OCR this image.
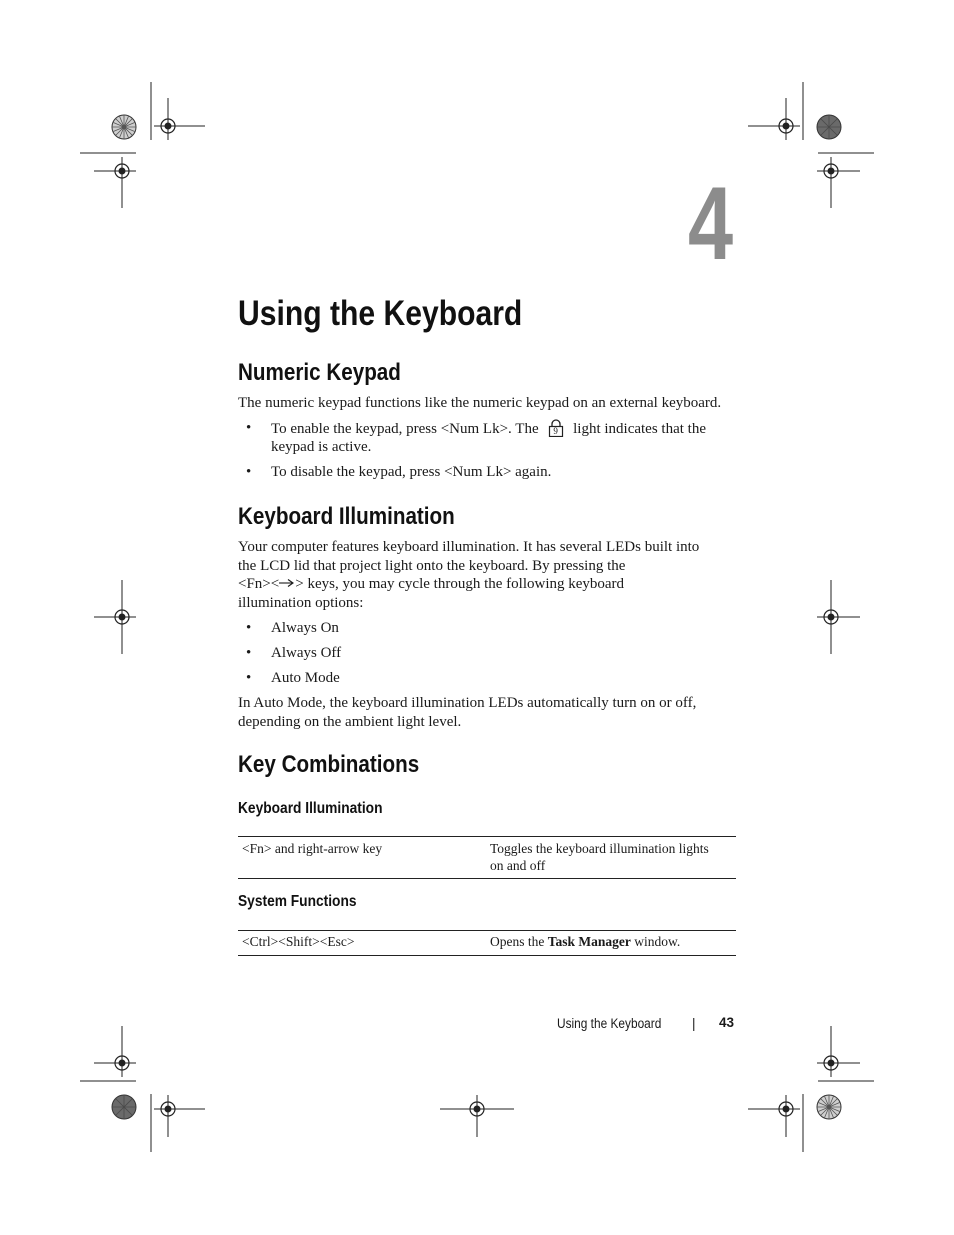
4
Using the Keyboard
Numeric Keypad
The numeric keypad functions like the numeric keypad on an external keyboard.
• To enable the keypad, press <Num Lk>. The 9 light indicates that the
keypad is active.
• To disable the keypad, press <Num Lk> again.
Keyboard Illumination
Your computer features keyboard illumination. It has several LEDs built into
the LCD lid that project light onto the keyboard. By pressing the
<Fn>< > keys, you may cycle through the following keyboard
illumination options:
• Always On
• Always Off
• Auto Mode
In Auto Mode, the keyboard illumination LEDs automatically turn on or off,
depending on the ambient light level.
Key Combinations
Keyboard Illumination
<Fn> and right-arrow key	Toggles the keyboard illumination lights
on and off
System Functions
<Ctrl><Shift><Esc>	Opens the Task Manager window.
Using the Keyboard | 43
